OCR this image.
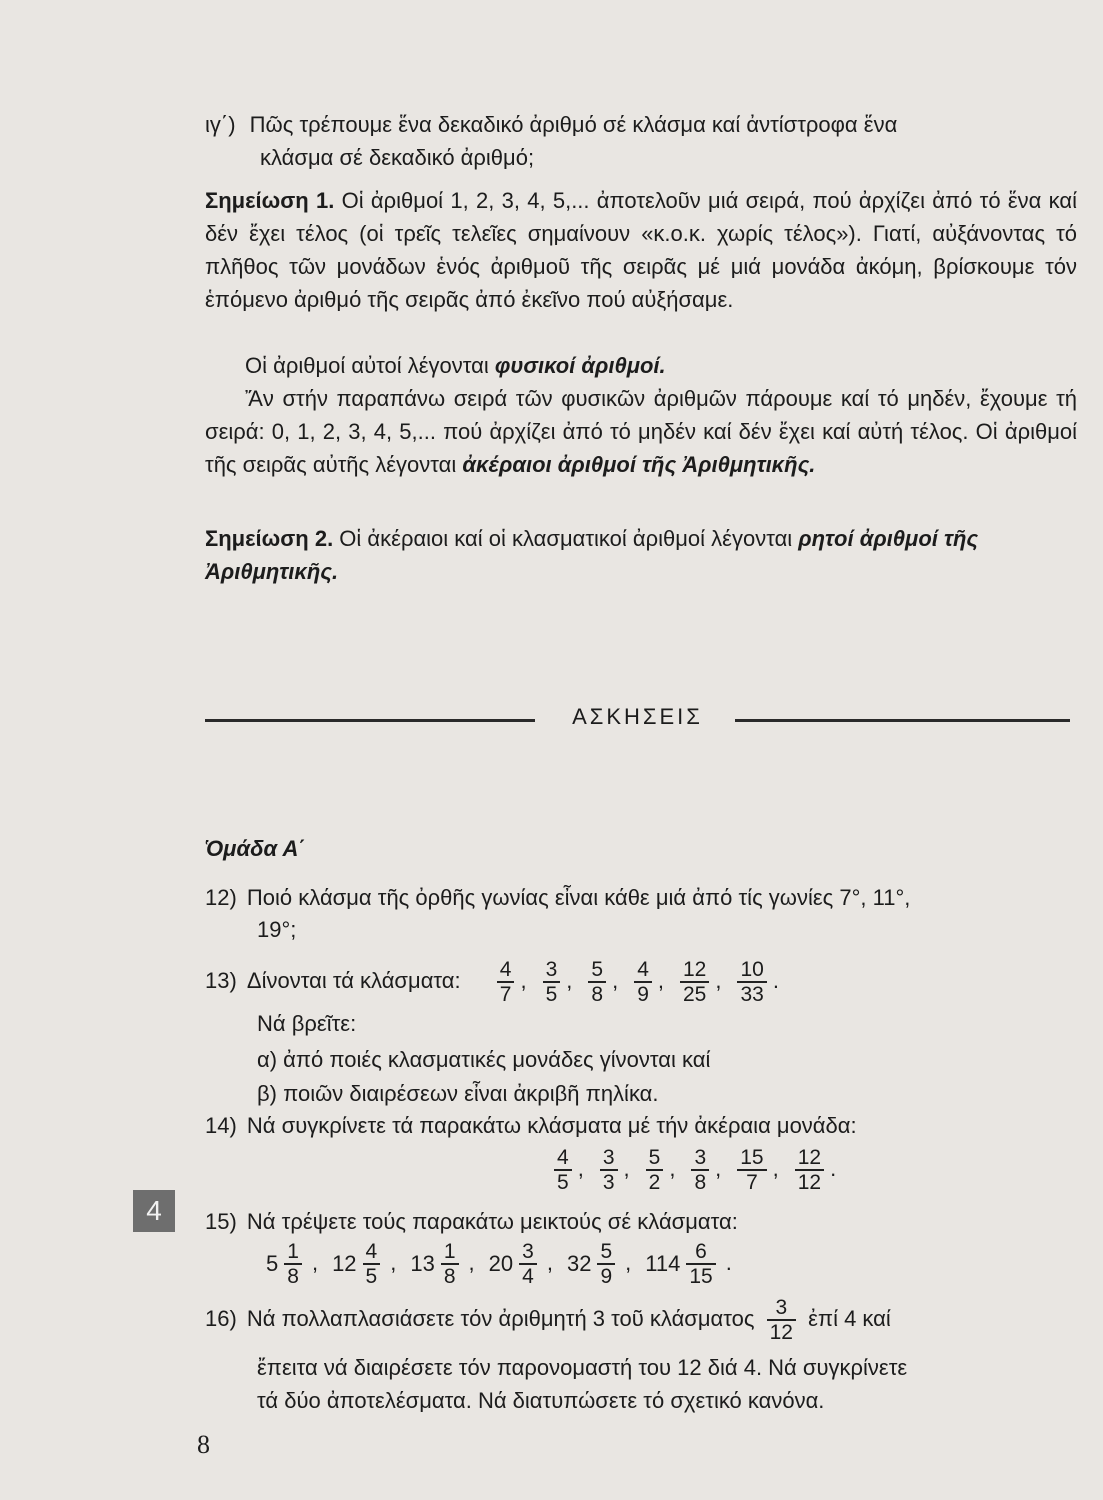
ιγ΄) Πῶς τρέπουμε ἕνα δεκαδικό ἀριθμό σέ κλάσμα καί ἀντίστροφα ἕνα
κλάσμα σέ δεκαδικό ἀριθμό;
Σημείωση 1. Οἱ ἀριθμοί 1, 2, 3, 4, 5,... ἀποτελοῦν μιά σειρά, πού ἀρχίζει ἀπό τό ἕνα καί δέν ἔχει τέλος (οἱ τρεῖς τελεῖες σημαίνουν «κ.ο.κ. χωρίς τέλος»). Γιατί, αὐξάνοντας τό πλῆθος τῶν μονάδων ἑνός ἀριθμοῦ τῆς σειρᾶς μέ μιά μονάδα ἀκόμη, βρίσκουμε τόν ἑπόμενο ἀριθμό τῆς σειρᾶς ἀπό ἐκεῖνο πού αὐξήσαμε.
Οἱ ἀριθμοί αὐτοί λέγονται φυσικοί ἀριθμοί.
Ἄν στήν παραπάνω σειρά τῶν φυσικῶν ἀριθμῶν πάρουμε καί τό μηδέν, ἔχουμε τή σειρά: 0, 1, 2, 3, 4, 5,... πού ἀρχίζει ἀπό τό μηδέν καί δέν ἔχει καί αὐτή τέλος. Οἱ ἀριθμοί τῆς σειρᾶς αὐτῆς λέγονται ἀκέραιοι ἀριθμοί τῆς Ἀριθμητικῆς.
Σημείωση 2. Οἱ ἀκέραιοι καί οἱ κλασματικοί ἀριθμοί λέγονται ρητοί ἀριθμοί τῆς Ἀριθμητικῆς.
ΑΣΚΗΣΕΙΣ
Ὁμάδα Α΄
12) Ποιό κλάσμα τῆς ὀρθῆς γωνίας εἶναι κάθε μιά ἀπό τίς γωνίες 7°, 11°,
19°;
13) Δίνονται τά κλάσματα: $\frac{4}{7}$ , $\frac{3}{5}$ , $\frac{5}{8}$ , $\frac{4}{9}$ , $\frac{12}{25}$ , $\frac{10}{33}$ .
Νά βρεῖτε:
α) ἀπό ποιές κλασματικές μονάδες γίνονται καί
β) ποιῶν διαιρέσεων εἶναι ἀκριβῆ πηλίκα.
14) Νά συγκρίνετε τά παρακάτω κλάσματα μέ τήν ἀκέραια μονάδα:
$\frac{4}{5}$ , $\frac{3}{3}$ , $\frac{5}{2}$ , $\frac{3}{8}$ , $\frac{15}{7}$ , $\frac{12}{12}$ .
4	15) Νά τρέψετε τούς παρακάτω μεικτούς σέ κλάσματα:
$5 \frac{1}{8}$ , $12 \frac{4}{5}$ , $13 \frac{1}{8}$ , $20 \frac{3}{4}$ , $32 \frac{5}{9}$ , $114 \frac{6}{15}$ .
16) Νά πολλαπλασιάσετε τόν ἀριθμητή 3 τοῦ κλάσματος $\frac{3}{12}$ ἐπί 4 καί
ἔπειτα νά διαιρέσετε τόν παρονομαστή του 12 διά 4. Νά συγκρίνετε
τά δύο ἀποτελέσματα. Νά διατυπώσετε τό σχετικό κανόνα.
8
